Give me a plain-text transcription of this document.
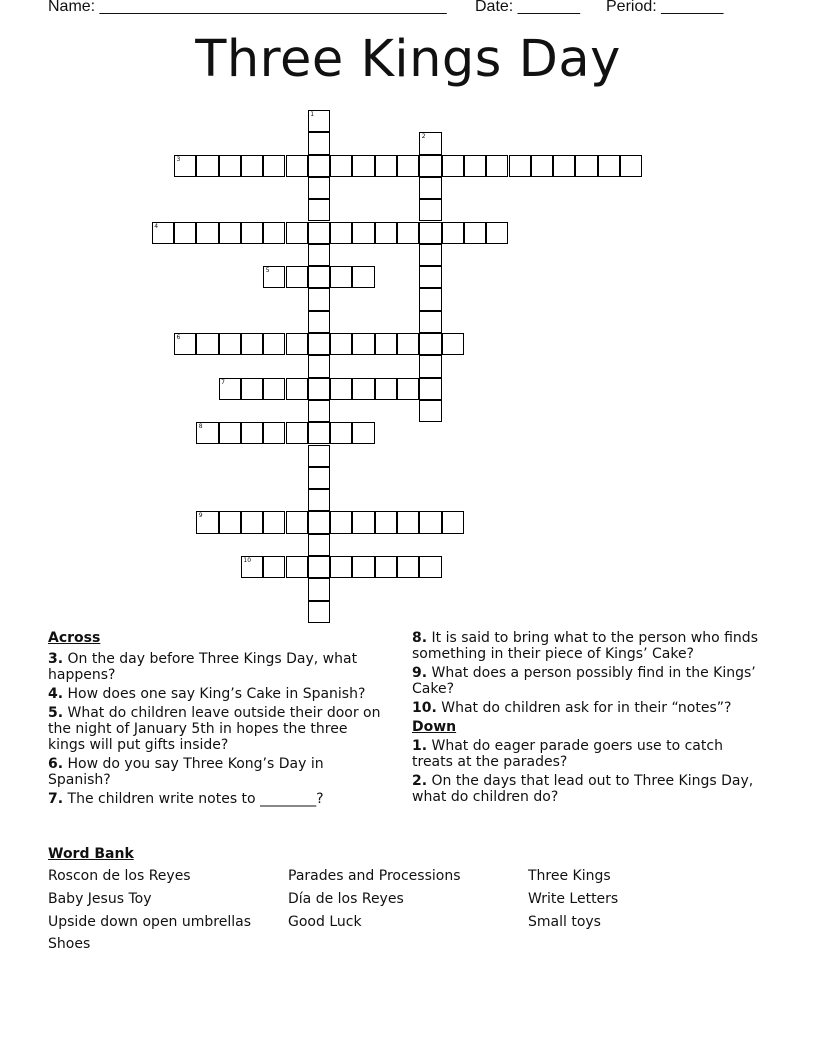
Name: _______________________________________ Date: _______ Period: _______
Three Kings Day
3
4
5
6
7
8
9
10
1
2
Across
3. On the day before Three Kings Day, what happens?
4. How does one say King’s Cake in Spanish?
5. What do children leave outside their door on the night of January 5th in hopes the three kings will put gifts inside?
6. How do you say Three Kong’s Day in Spanish?
7. The children write notes to ________?
8. It is said to bring what to the person who finds something in their piece of Kings’ Cake?
9. What does a person possibly find in the Kings’ Cake?
10. What do children ask for in their “notes”?
Down
1. What do eager parade goers use to catch treats at the parades?
2. On the days that lead out to Three Kings Day, what do children do?
Word Bank
Roscon de los Reyes	Parades and Processions	Three Kings
Baby Jesus Toy	Día de los Reyes	Write Letters
Upside down open umbrellas	Good Luck	Small toys
Shoes
